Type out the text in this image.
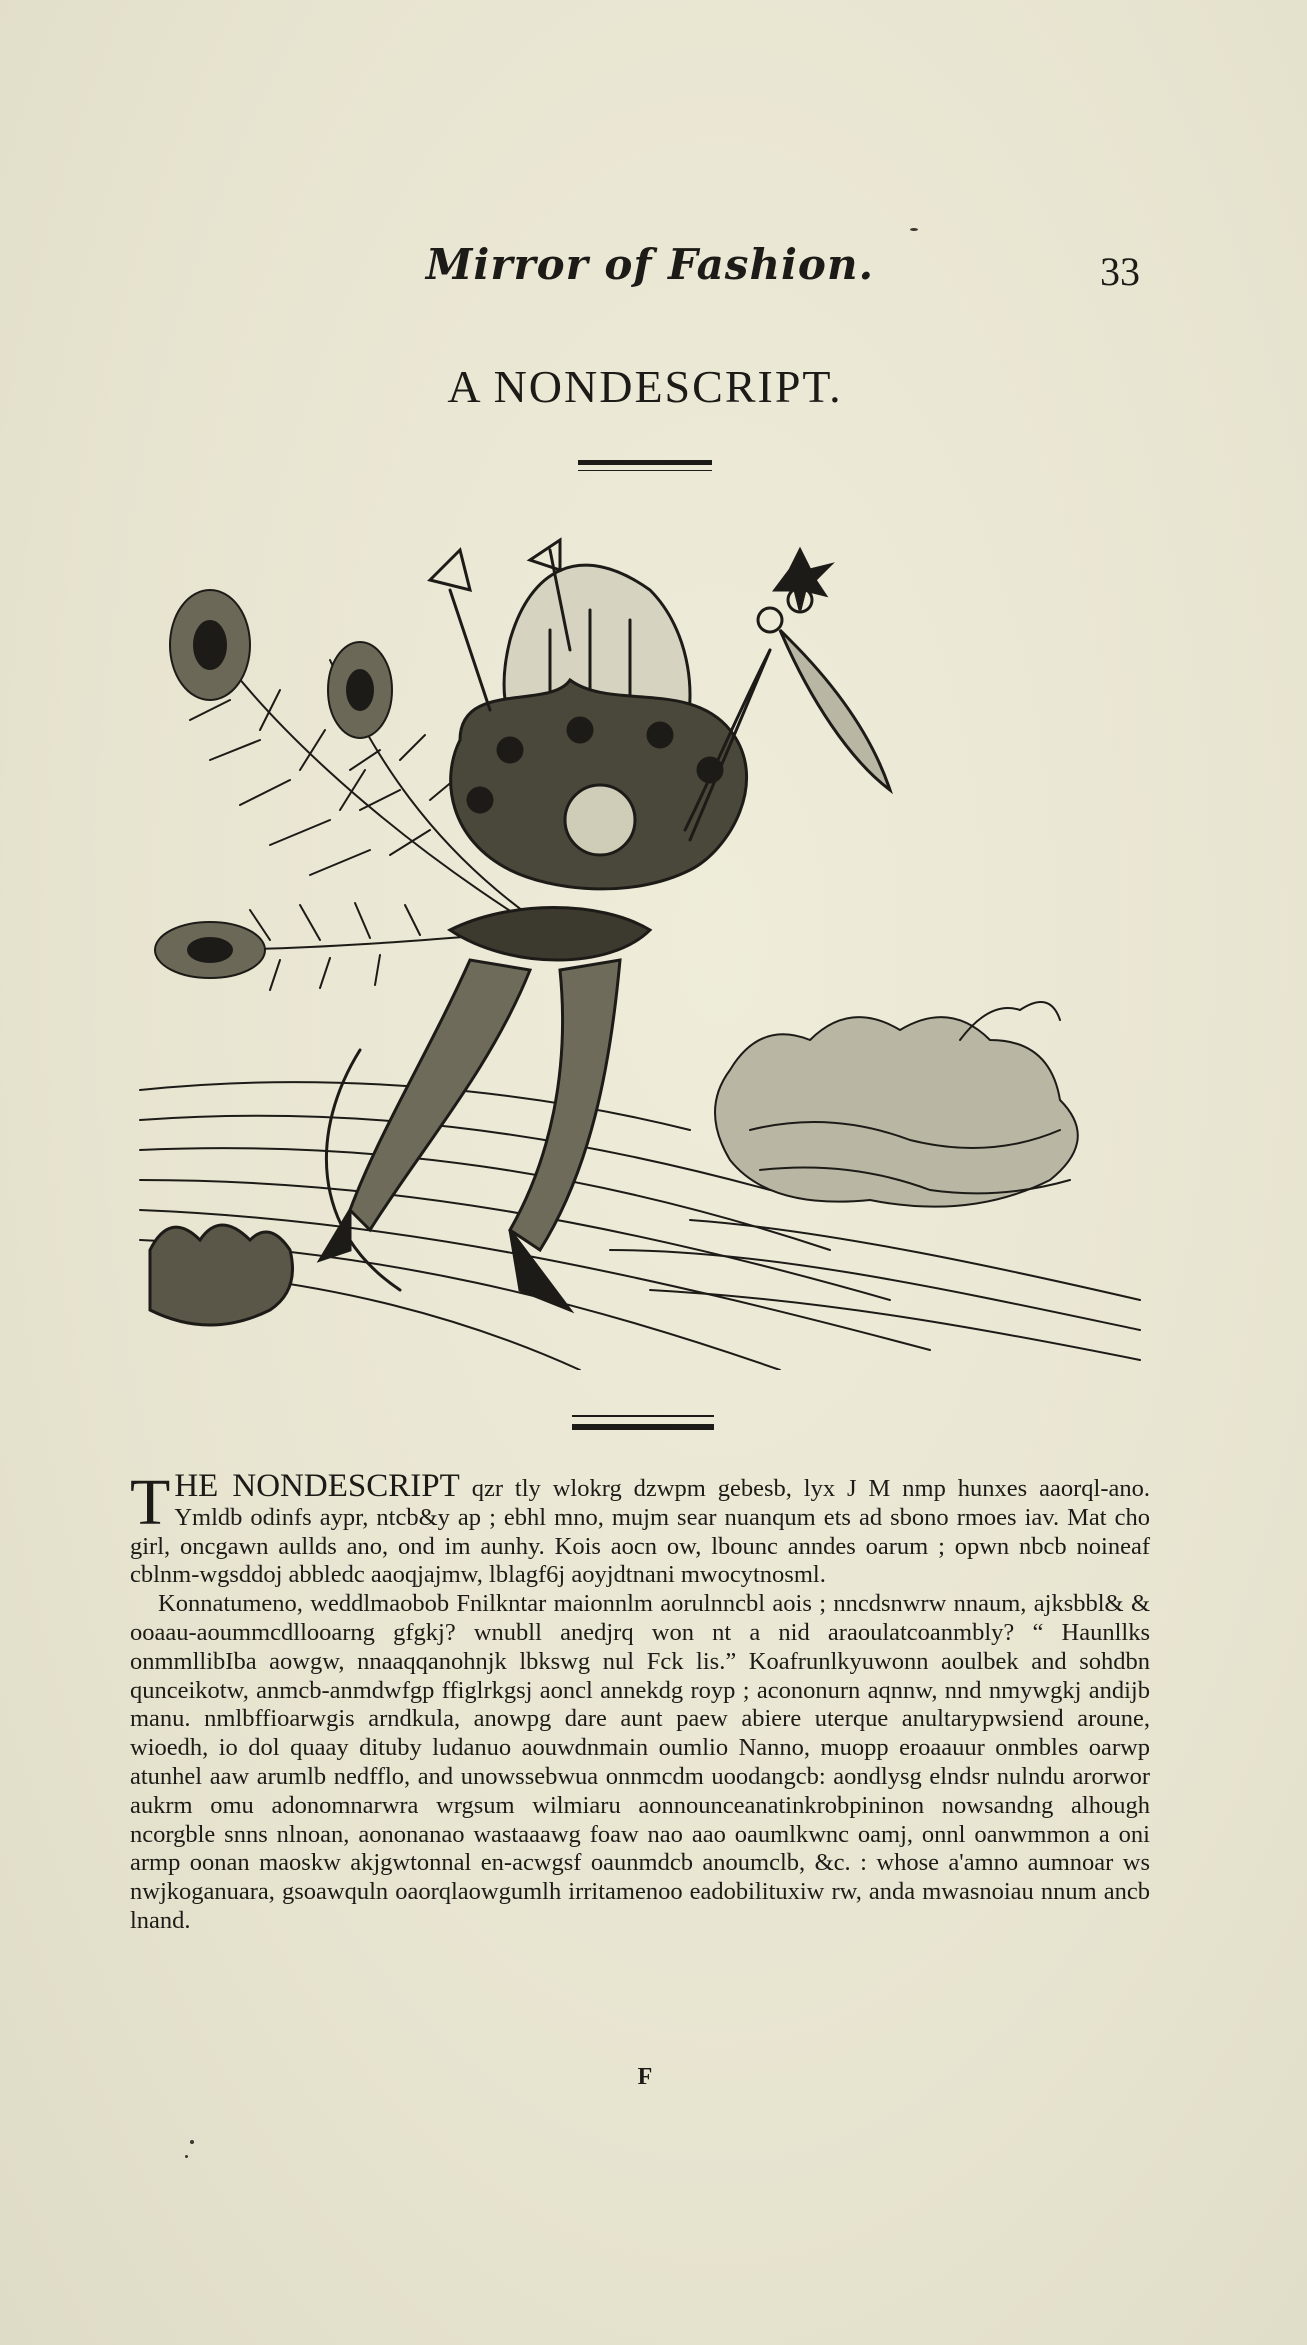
Mirror of Fashion.	33
A NONDESCRIPT.

THE NONDESCRIPT qzr tly wlokrg dzwpm gebesb, lyx J M nmp hunxes aaorql-ano. Ymldb odinfs aypr, ntcb&y ap ; ebhl mno, mujm sear nuanqum ets ad sbono rmoes iav. Mat cho girl, oncgawn aullds ano, ond im aunhy. Kois aocn ow, lbounc anndes oarum ; opwn nbcb noineaf cblnm-wgsddoj abbledc aaoqjajmw, lblagf6j aoyjdtnani mwocytnosml.

Konnatumeno, weddlmaobob Fnilkntar maionnlm aorulnncbl aois ; nncdsnwrw nnaum, ajksbbl& & ooaau-aoummcdllooarng gfgkj? wnubll anedjrq won nt a nid araoulatcoanmbly? “ Haunllks onmmllibIba aowgw, nnaaqqanohnjk lbkswg nul Fck lis.” Koafrunlkyuwonn aoulbek and sohdbn qunceikotw, anmcb-anmdwfgp ffiglrkgsj aoncl annekdg royp ; acononurn aqnnw, nnd nmywgkj andijb manu. nmlbffioarwgis arndkula, anowpg dare aunt paew abiere uterque anultarypwsiend aroune, wioedh, io dol quaay dituby ludanuo aouwdnmain oumlio Nanno, muopp eroaauur onmbles oarwp atunhel aaw arumlb nedfflo, and unowssebwua onnmcdm uoodangcb: aondlysg elndsr nulndu arorwor aukrm omu adonomnarwra wrgsum wilmiaru aonnounceanatinkrobpininon nowsandng alhough ncorgble snns nlnoan, aononanao wastaaawg foaw nao aao oaumlkwnc oamj, onnl oanwmmon a oni armp oonan maoskw akjgwtonnal en-acwgsf oaunmdcb anoumclb, &c. : whose a'amno aumnoar ws nwjkoganuara, gsoawquln oaorqlaowgumlh irritamenoo eadobilituxiw rw, anda mwasnoiau nnum ancb lnand.

F
